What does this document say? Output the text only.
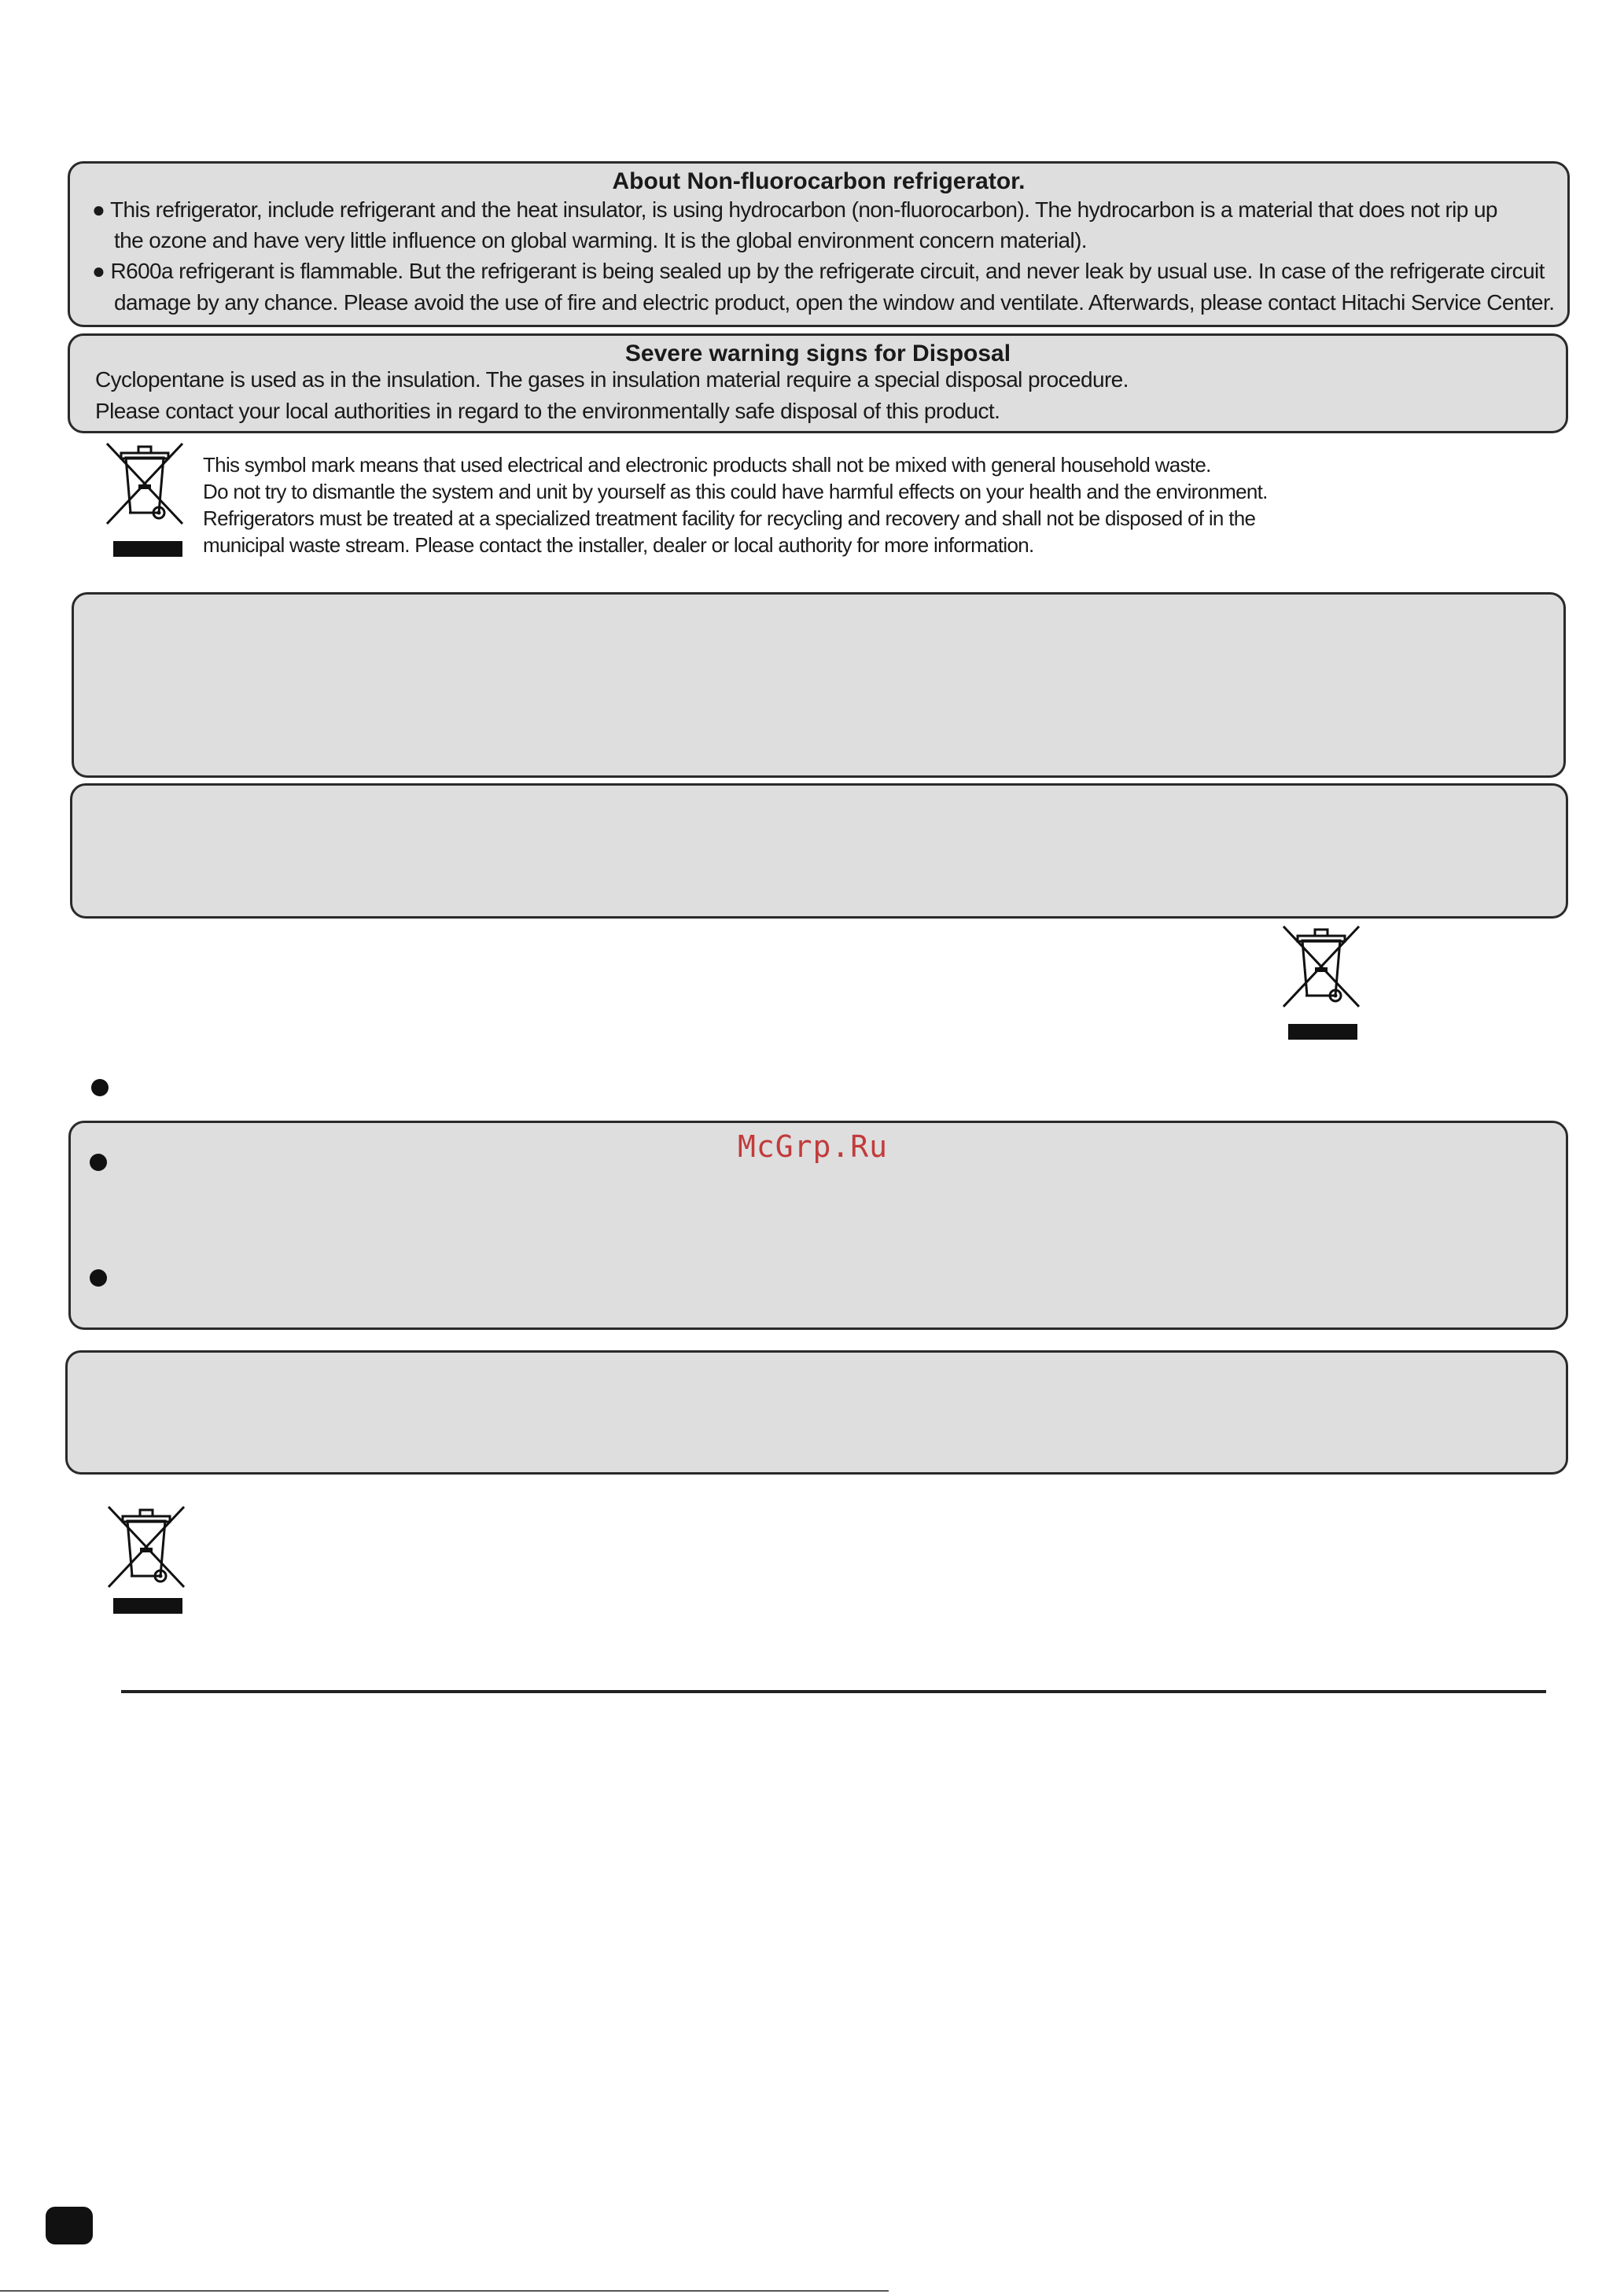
About Non-fluorocarbon refrigerator.
● This refrigerator, include refrigerant and the heat insulator, is using hydrocarbon (non-fluorocarbon). The hydrocarbon is a material that does not rip up
the ozone and have very little influence on global warming. It is the global environment concern material).
● R600a refrigerant is flammable. But the refrigerant is being sealed up by the refrigerate circuit, and never leak by usual use. In case of the refrigerate circuit
damage by any chance. Please avoid the use of fire and electric product, open the window and ventilate. Afterwards, please contact Hitachi Service Center.
Severe warning signs for Disposal
Cyclopentane is used as in the insulation. The gases in insulation material require a special disposal procedure.
Please contact your local authorities in regard to the environmentally safe disposal of this product.
This symbol mark means that used electrical and electronic products shall not be mixed with general household waste.
Do not try to dismantle the system and unit by yourself as this could have harmful effects on your health and the environment.
Refrigerators must be treated at a specialized treatment facility for recycling and recovery and shall not be disposed of in the
municipal waste stream. Please contact the installer, dealer or local authority for more information.
McGrp.Ru
